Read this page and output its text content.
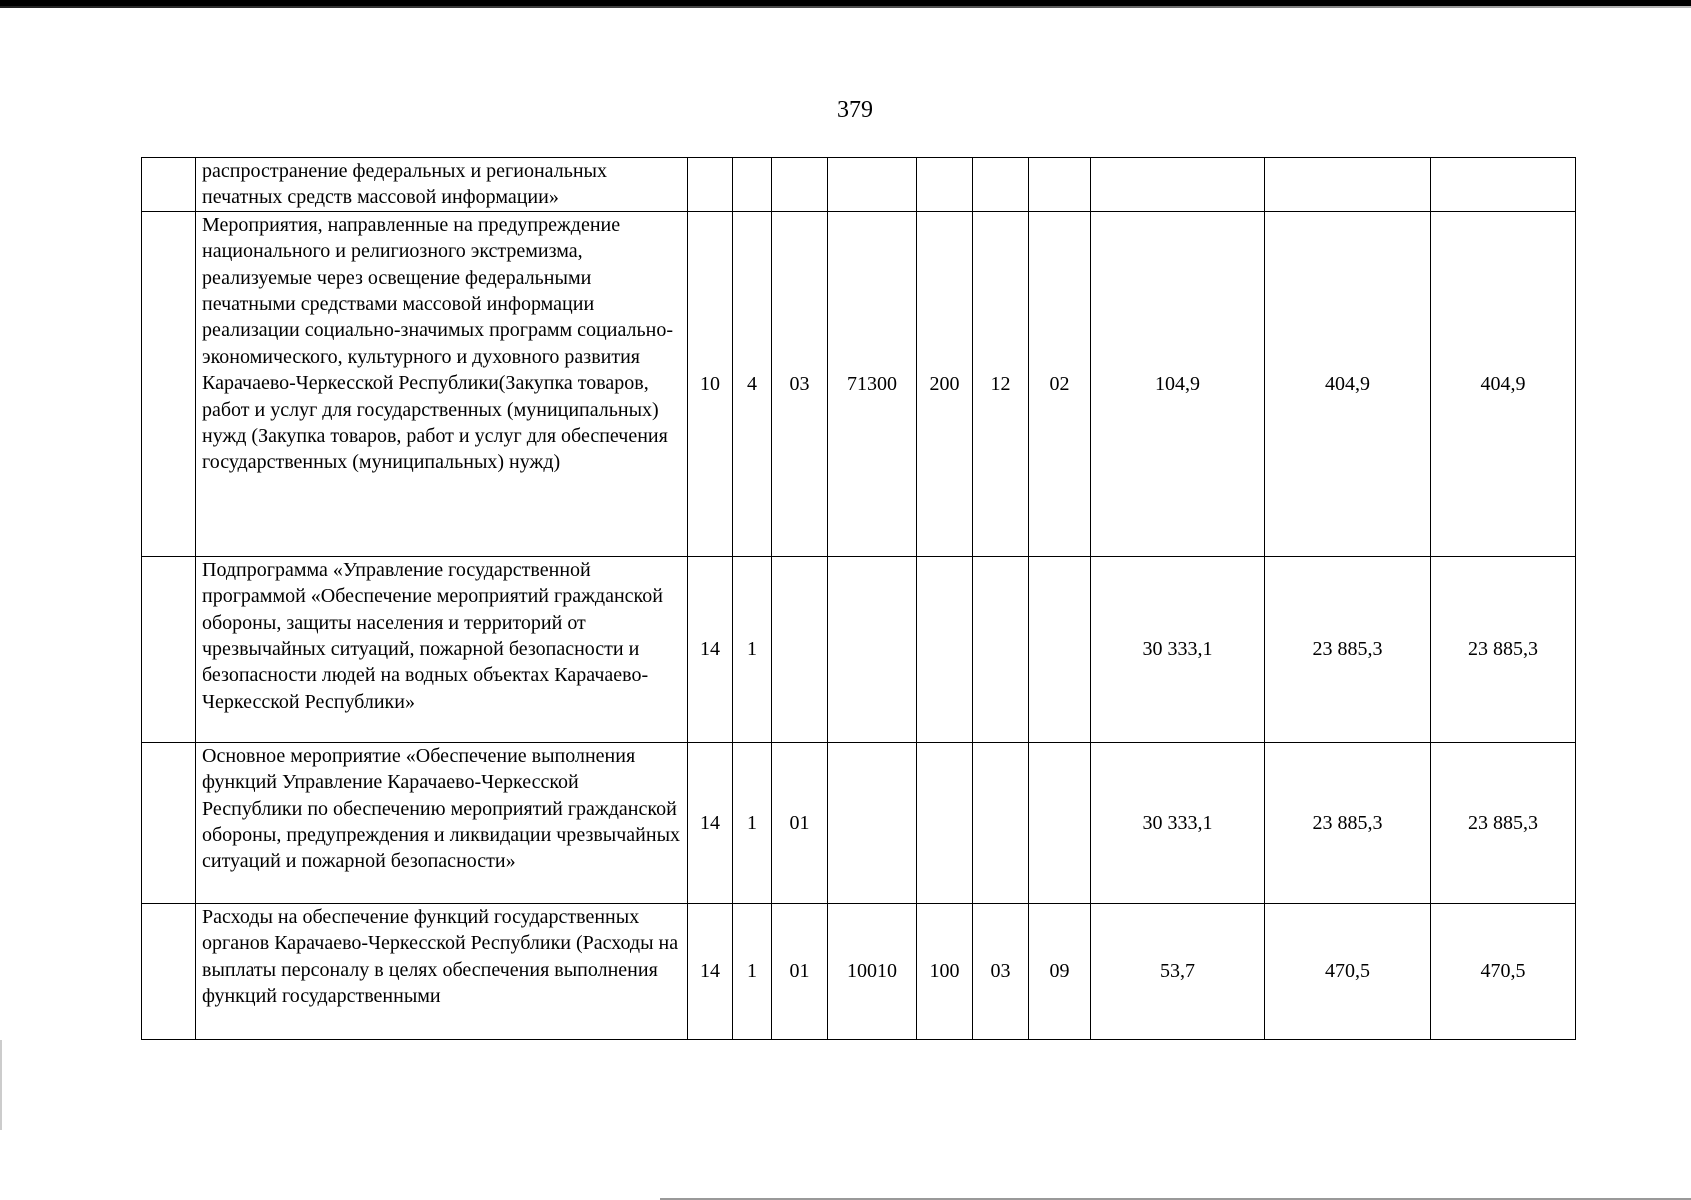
379
	распространение федеральных и региональных печатных средств массовой информации»										
	Мероприятия, направленные на предупреждение национального и религиозного экстремизма, реализуемые через освещение федеральными печатными средствами массовой информации реализации социально-значимых программ социально-экономического, культурного и духовного развития Карачаево-Черкесской Республики(Закупка товаров, работ и услуг для государственных (муниципальных) нужд (Закупка товаров, работ и услуг для обеспечения государственных (муниципальных) нужд)	10	4	03	71300	200	12	02	104,9	404,9	404,9
	Подпрограмма «Управление государственной программой «Обеспечение мероприятий гражданской обороны, защиты населения и территорий от чрезвычайных ситуаций, пожарной безопасности и безопасности людей на водных объектах Карачаево-Черкесской Республики»	14	1						30 333,1	23 885,3	23 885,3
	Основное мероприятие «Обеспечение выполнения функций Управление Карачаево-Черкесской Республики по обеспечению мероприятий гражданской обороны, предупреждения и ликвидации чрезвычайных ситуаций и пожарной безопасности»	14	1	01					30 333,1	23 885,3	23 885,3
	Расходы на обеспечение функций государственных органов Карачаево-Черкесской Республики (Расходы на выплаты персоналу в целях обеспечения выполнения функций государственными	14	1	01	10010	100	03	09	53,7	470,5	470,5
